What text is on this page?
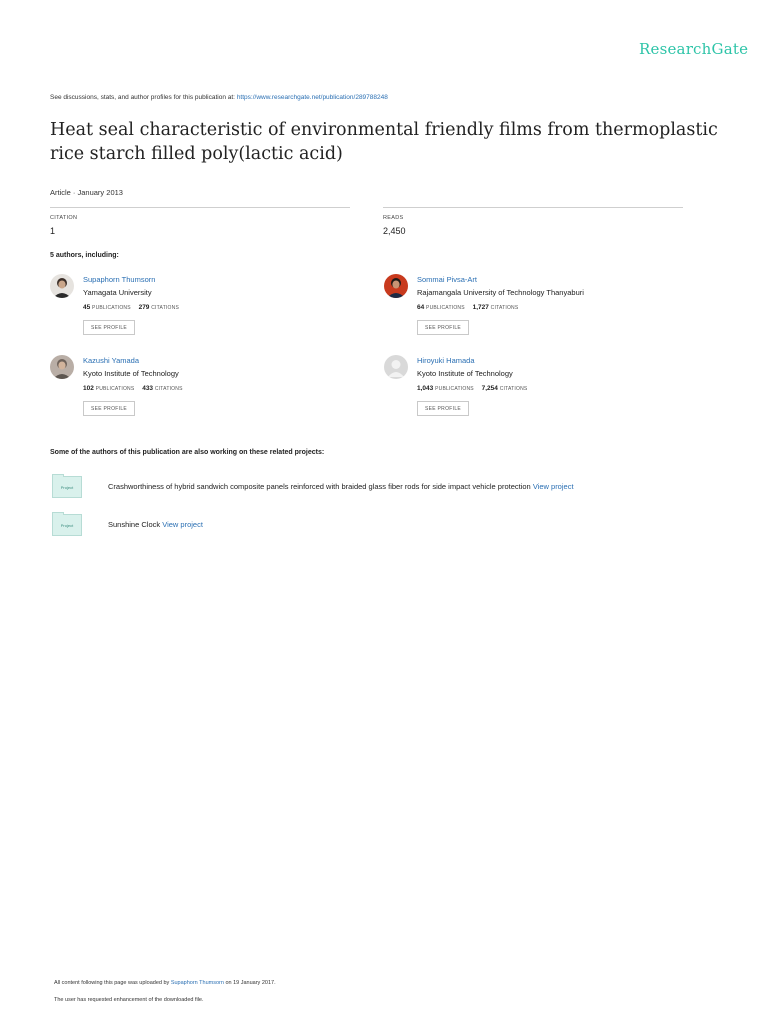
ResearchGate
See discussions, stats, and author profiles for this publication at: https://www.researchgate.net/publication/289788248
Heat seal characteristic of environmental friendly films from thermoplastic rice starch filled poly(lactic acid)
Article · January 2013
CITATION
1
READS
2,450
5 authors, including:
Supaphorn Thumsorn
Yamagata University
45 PUBLICATIONS 279 CITATIONS
SEE PROFILE
Sommai Pivsa-Art
Rajamangala University of Technology Thanyaburi
64 PUBLICATIONS 1,727 CITATIONS
SEE PROFILE
Kazushi Yamada
Kyoto Institute of Technology
102 PUBLICATIONS 433 CITATIONS
SEE PROFILE
Hiroyuki Hamada
Kyoto Institute of Technology
1,043 PUBLICATIONS 7,254 CITATIONS
SEE PROFILE
Some of the authors of this publication are also working on these related projects:
Project	Crashworthiness of hybrid sandwich composite panels reinforced with braided glass fiber rods for side impact vehicle protection View project
Project	Sunshine Clock View project
All content following this page was uploaded by Supaphorn Thumsorn on 19 January 2017.
The user has requested enhancement of the downloaded file.
